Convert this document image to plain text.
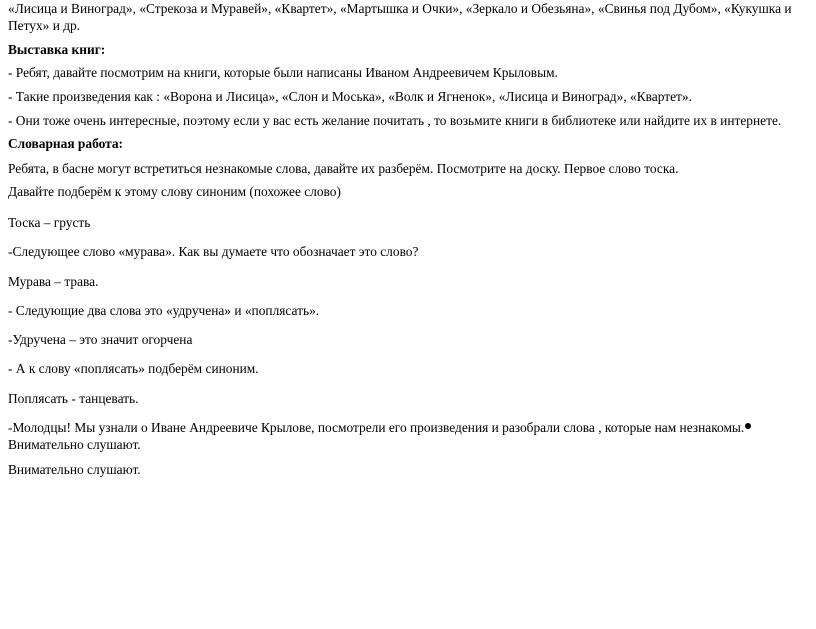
«Лисица и Виноград», «Стрекоза и Муравей», «Квартет», «Мартышка и Очки», «Зеркало и Обезьяна», «Свинья под Дубом», «Кукушка и Петух» и др.
Выставка книг:
- Ребят, давайте посмотрим на книги, которые были написаны Иваном Андреевичем Крыловым.
- Такие произведения как : «Ворона и Лисица», «Слон и Моська», «Волк и Ягненок», «Лисица и Виноград», «Квартет».
- Они тоже очень интересные, поэтому если у вас есть желание почитать , то возьмите книги в библиотеке или найдите их в интернете.
Словарная работа:
Ребята, в басне могут встретиться незнакомые слова, давайте их разберём. Посмотрите на доску. Первое слово тоска.
Давайте подберём к этому слову синоним (похожее слово)
Тоска – грусть
-Следующее слово «мурава». Как вы думаете что обозначает это слово?
Мурава – трава.
- Следующие два слова это «удручена» и «поплясать».
-Удручена – это значит огорчена
- А к слову «поплясать» подберём синоним.
Поплясать - танцевать.
-Молодцы! Мы узнали о Иване Андреевиче Крылове, посмотрели его произведения и разобрали слова , которые нам незнакомы. Внимательно слушают.
Внимательно слушают.
